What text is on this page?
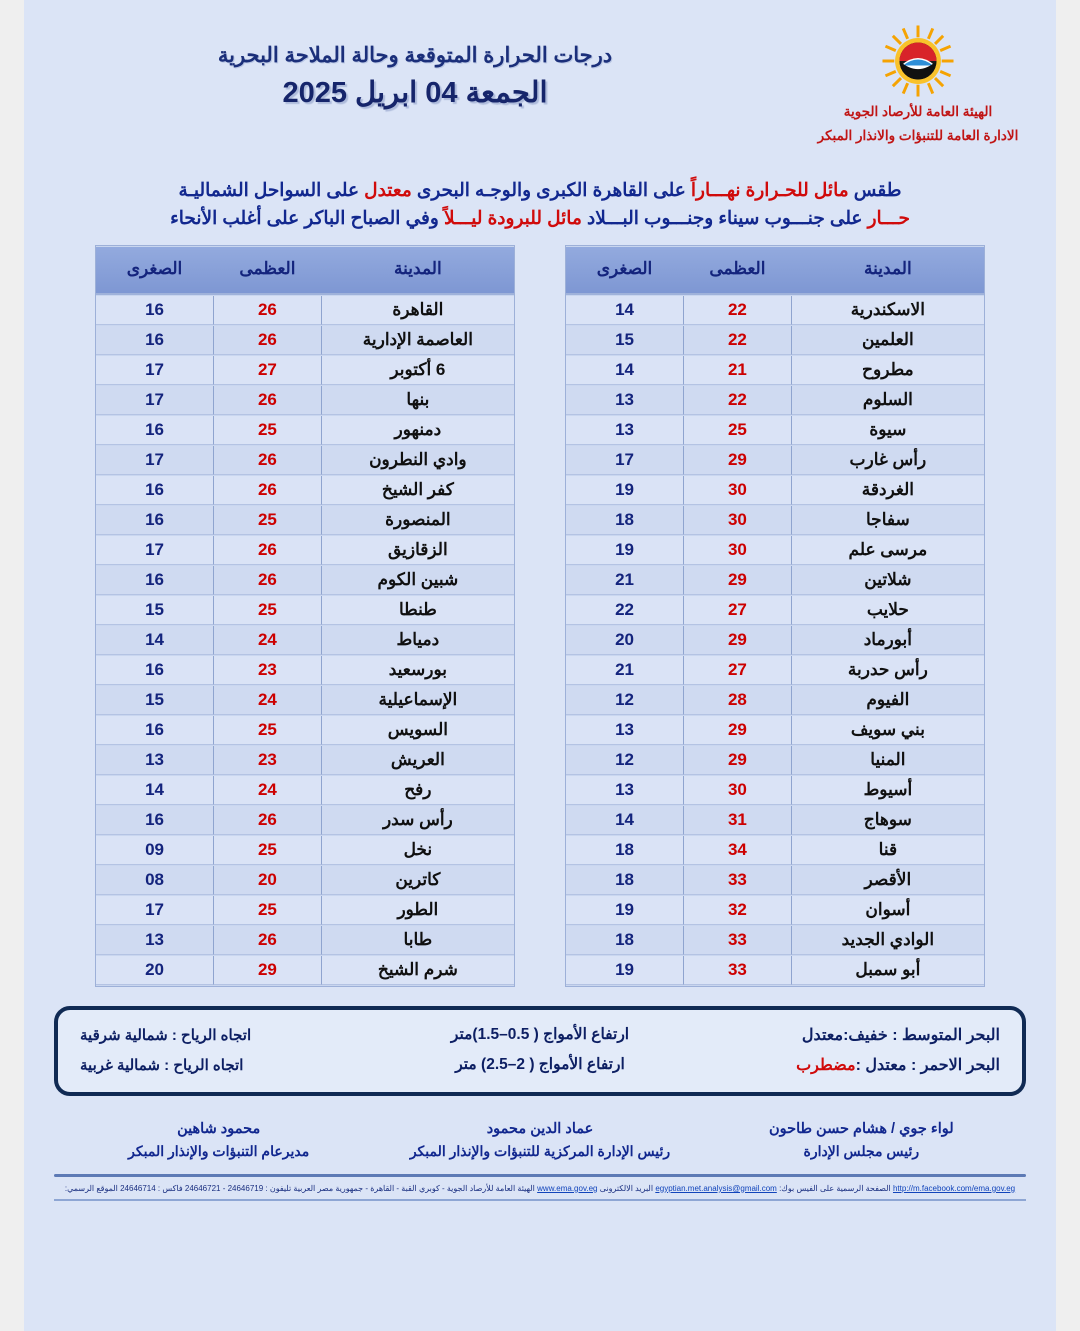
درجات الحرارة المتوقعة وحالة الملاحة البحرية
الجمعة 04 ابريل 2025
الهيئة العامة للأرصاد الجوية
الادارة العامة للتنبؤات والانذار المبكر
طقس مائل للحـرارة نهـــاراً على القاهرة الكبرى والوجـه البحرى معتدل على السواحل الشماليـة
حـــار على جنـــوب سيناء وجنـــوب البـــلاد مائل للبرودة ليـــلاً وفي الصباح الباكر على أغلب الأنحاء
المدينة	العظمى	الصغرى
القاهرة	26	16
العاصمة الإدارية	26	16
6 أكتوبر	27	17
بنها	26	17
دمنهور	25	16
وادي النطرون	26	17
كفر الشيخ	26	16
المنصورة	25	16
الزقازيق	26	17
شبين الكوم	26	16
طنطا	25	15
دمياط	24	14
بورسعيد	23	16
الإسماعيلية	24	15
السويس	25	16
العريش	23	13
رفح	24	14
رأس سدر	26	16
نخل	25	09
كاترين	20	08
الطور	25	17
طابا	26	13
شرم الشيخ	29	20
المدينة	العظمى	الصغرى
الاسكندرية	22	14
العلمين	22	15
مطروح	21	14
السلوم	22	13
سيوة	25	13
رأس غارب	29	17
الغردقة	30	19
سفاجا	30	18
مرسى علم	30	19
شلاتين	29	21
حلايب	27	22
أبورماد	29	20
رأس حدربة	27	21
الفيوم	28	12
بني سويف	29	13
المنيا	29	12
أسيوط	30	13
سوهاج	31	14
قنا	34	18
الأقصر	33	18
أسوان	32	19
الوادي الجديد	33	18
أبو سمبل	33	19
البحر المتوسط : خفيف:معتدل
ارتفاع الأمواج ( 0.5–1.5)متر
اتجاه الرياح : شمالية شرقية
البحر الاحمر : معتدل :مضطرب
ارتفاع الأمواج ( 2–2.5) متر
اتجاه الرياح : شمالية غربية
محمود شاهين
مديرعام التنبؤات والإنذار المبكر
عماد الدين محمود
رئيس الإدارة المركزية للتنبؤات والإنذار المبكر
لواء جوي / هشام حسن طاحون
رئيس مجلس الإدارة
http://m.facebook.com/ema.gov.eg الصفحة الرسمية على الفيس بوك: egyptian.met.analysis@gmail.com البريد الالكترونى www.ema.gov.eg الهيئة العامة للأرصاد الجوية - كوبري القبة - القاهرة - جمهورية مصر العربية تليفون : 24646719 - 24646721 فاكس : 24646714 الموقع الرسمي:
